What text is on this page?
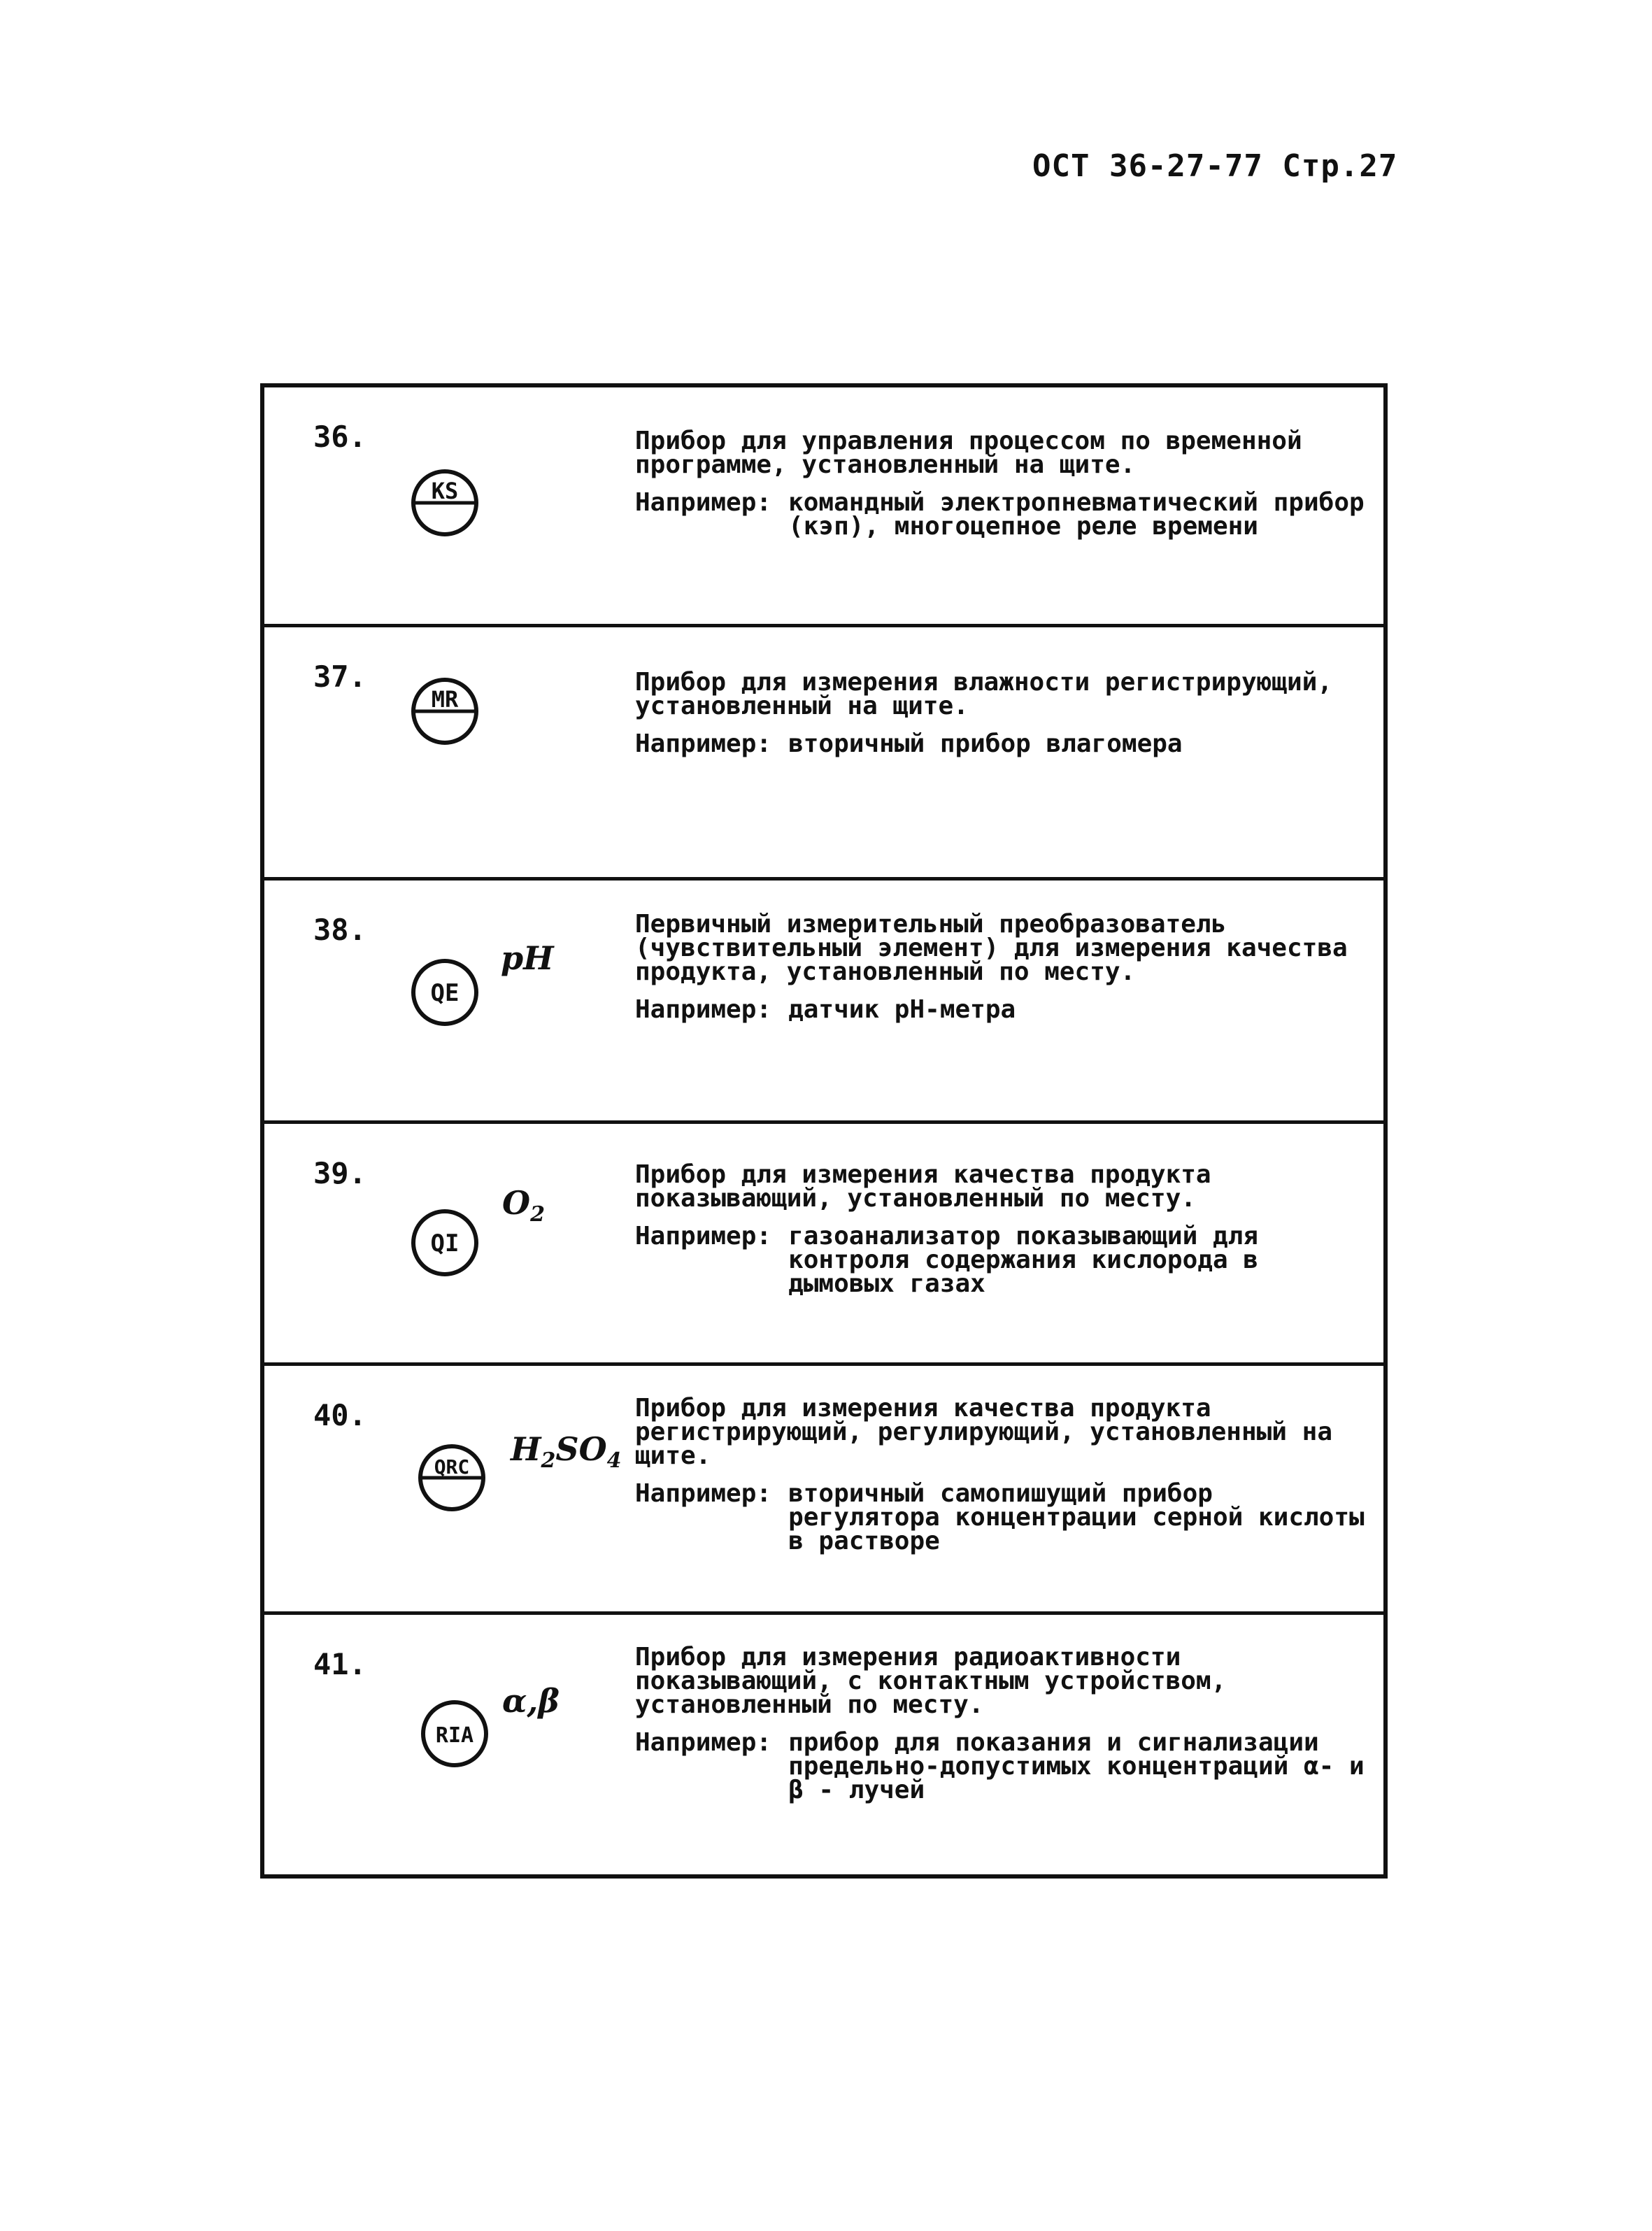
ОСТ 36-27-77 Стр.27
36.
KS

Прибор для управления процессом по временной программе, установленный на щите.

Например: командный электропневматический прибор (кэп), многоцепное реле времени
37.
MR

Прибор для измерения влажности регистрирующий, установленный на щите.

Например: вторичный прибор влагомера
38.
QE
pH

Первичный измерительный преобразователь (чувствительный элемент) для измерения качества продукта, установленный по месту.

Например: датчик pH-метра
39.
QI
$O_2$

Прибор для измерения качества продукта показывающий, установленный по месту.

Например: газоанализатор показывающий для контроля содержания кислорода в дымовых газах
40.
QRC $H_2SO_4$

Прибор для измерения качества продукта регистрирующий, регулирующий, установленный на щите.

Например: вторичный самопишущий прибор регулятора концентрации серной кислоты в растворе
41.
RIA
α,β

Прибор для измерения радиоактивности показывающий, с контактным устройством, установленный по месту.

Например: прибор для показания и сигнализации предельно-допустимых концентраций α- и β - лучей
